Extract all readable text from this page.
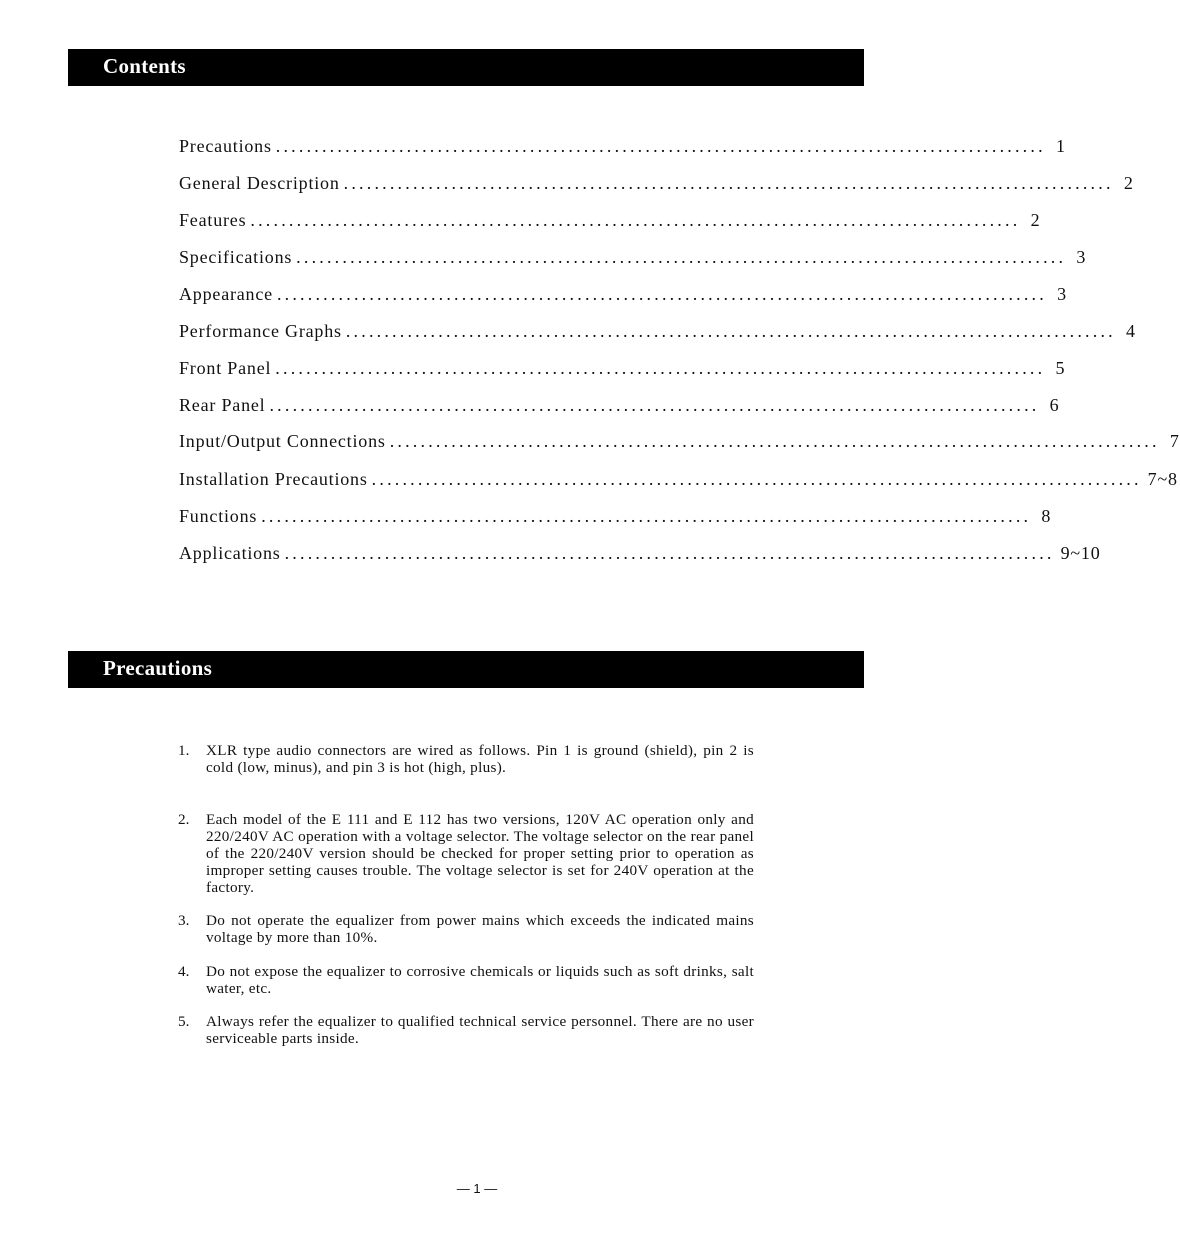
Contents
Precautions .................................................................................................... 1
General Description .................................................................................................... 2
Features .................................................................................................... 2
Specifications .................................................................................................... 3
Appearance .................................................................................................... 3
Performance Graphs .................................................................................................... 4
Front Panel .................................................................................................... 5
Rear Panel .................................................................................................... 6
Input/Output Connections .................................................................................................... 7
Installation Precautions .................................................................................................... 7~8
Functions .................................................................................................... 8
Applications .................................................................................................... 9~10
Precautions
1.	XLR type audio connectors are wired as follows. Pin 1 is ground (shield), pin 2 is cold (low, minus), and pin 3 is hot (high, plus).
2.	Each model of the E 111 and E 112 has two versions, 120V AC operation only and 220/240V AC operation with a voltage selector. The voltage selector on the rear panel of the 220/240V version should be checked for proper setting prior to operation as improper setting causes trouble. The voltage selector is set for 240V operation at the factory.
3.	Do not operate the equalizer from power mains which exceeds the indicated mains voltage by more than 10%.
4.	Do not expose the equalizer to corrosive chemicals or liquids such as soft drinks, salt water, etc.
5.	Always refer the equalizer to qualified technical service personnel. There are no user serviceable parts inside.
— 1 —
